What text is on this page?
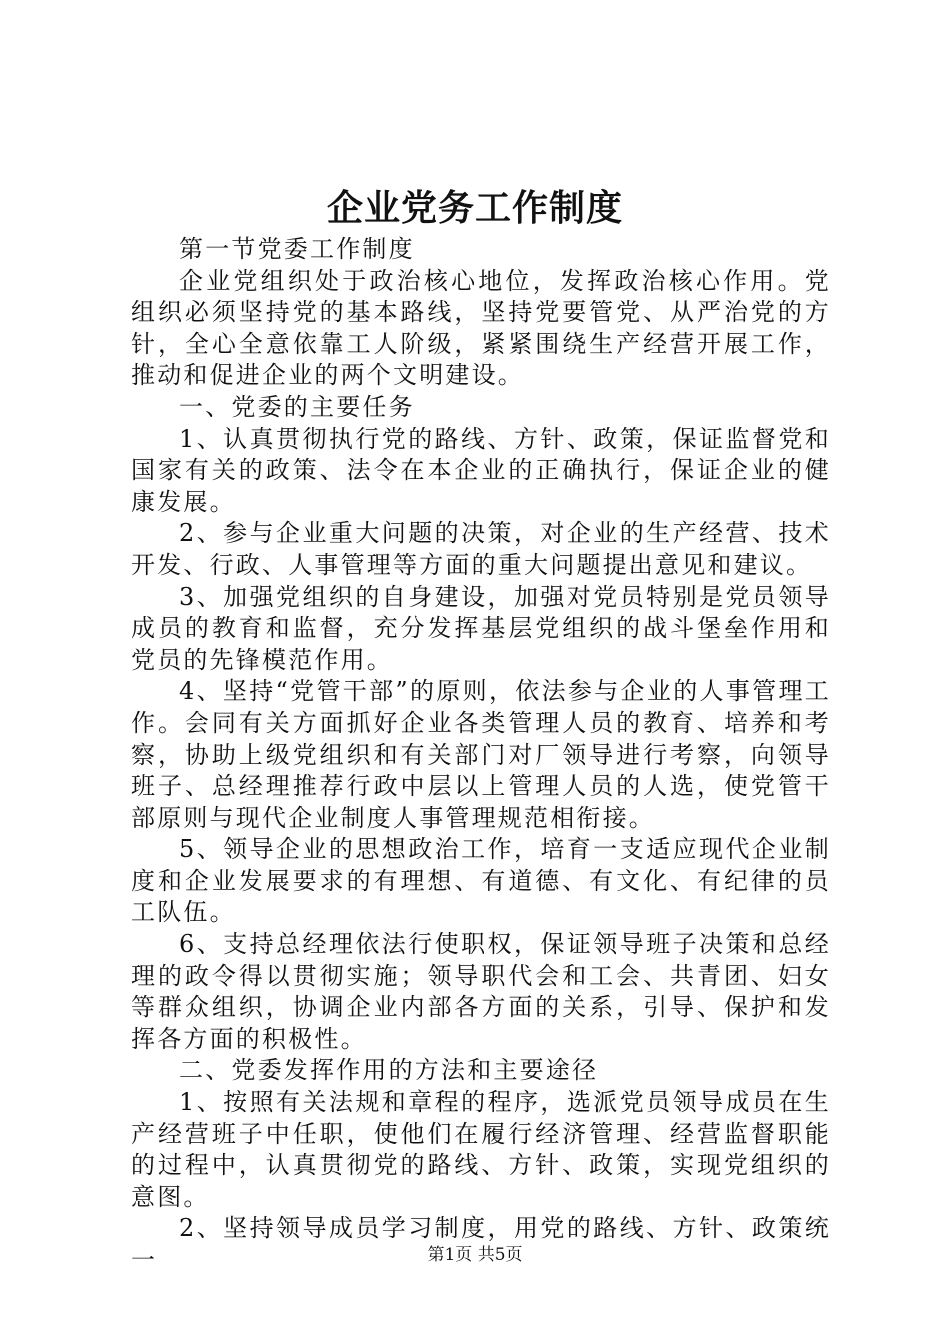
企业党务工作制度

第一节党委工作制度

企业党组织处于政治核心地位，发挥政治核心作用。党组织必须坚持党的基本路线，坚持党要管党、从严治党的方针，全心全意依靠工人阶级，紧紧围绕生产经营开展工作，推动和促进企业的两个文明建设。

一、党委的主要任务

1、认真贯彻执行党的路线、方针、政策，保证监督党和国家有关的政策、法令在本企业的正确执行，保证企业的健康发展。

2、参与企业重大问题的决策，对企业的生产经营、技术开发、行政、人事管理等方面的重大问题提出意见和建议。

3、加强党组织的自身建设，加强对党员特别是党员领导成员的教育和监督，充分发挥基层党组织的战斗堡垒作用和党员的先锋模范作用。

4、坚持“党管干部”的原则，依法参与企业的人事管理工作。会同有关方面抓好企业各类管理人员的教育、培养和考察，协助上级党组织和有关部门对厂领导进行考察，向领导班子、总经理推荐行政中层以上管理人员的人选，使党管干部原则与现代企业制度人事管理规范相衔接。

5、领导企业的思想政治工作，培育一支适应现代企业制度和企业发展要求的有理想、有道德、有文化、有纪律的员工队伍。

6、支持总经理依法行使职权，保证领导班子决策和总经理的政令得以贯彻实施；领导职代会和工会、共青团、妇女等群众组织，协调企业内部各方面的关系，引导、保护和发挥各方面的积极性。

二、党委发挥作用的方法和主要途径

1、按照有关法规和章程的程序，选派党员领导成员在生产经营班子中任职，使他们在履行经济管理、经营监督职能的过程中，认真贯彻党的路线、方针、政策，实现党组织的意图。

2、坚持领导成员学习制度，用党的路线、方针、政策统一	第1页 共5页
